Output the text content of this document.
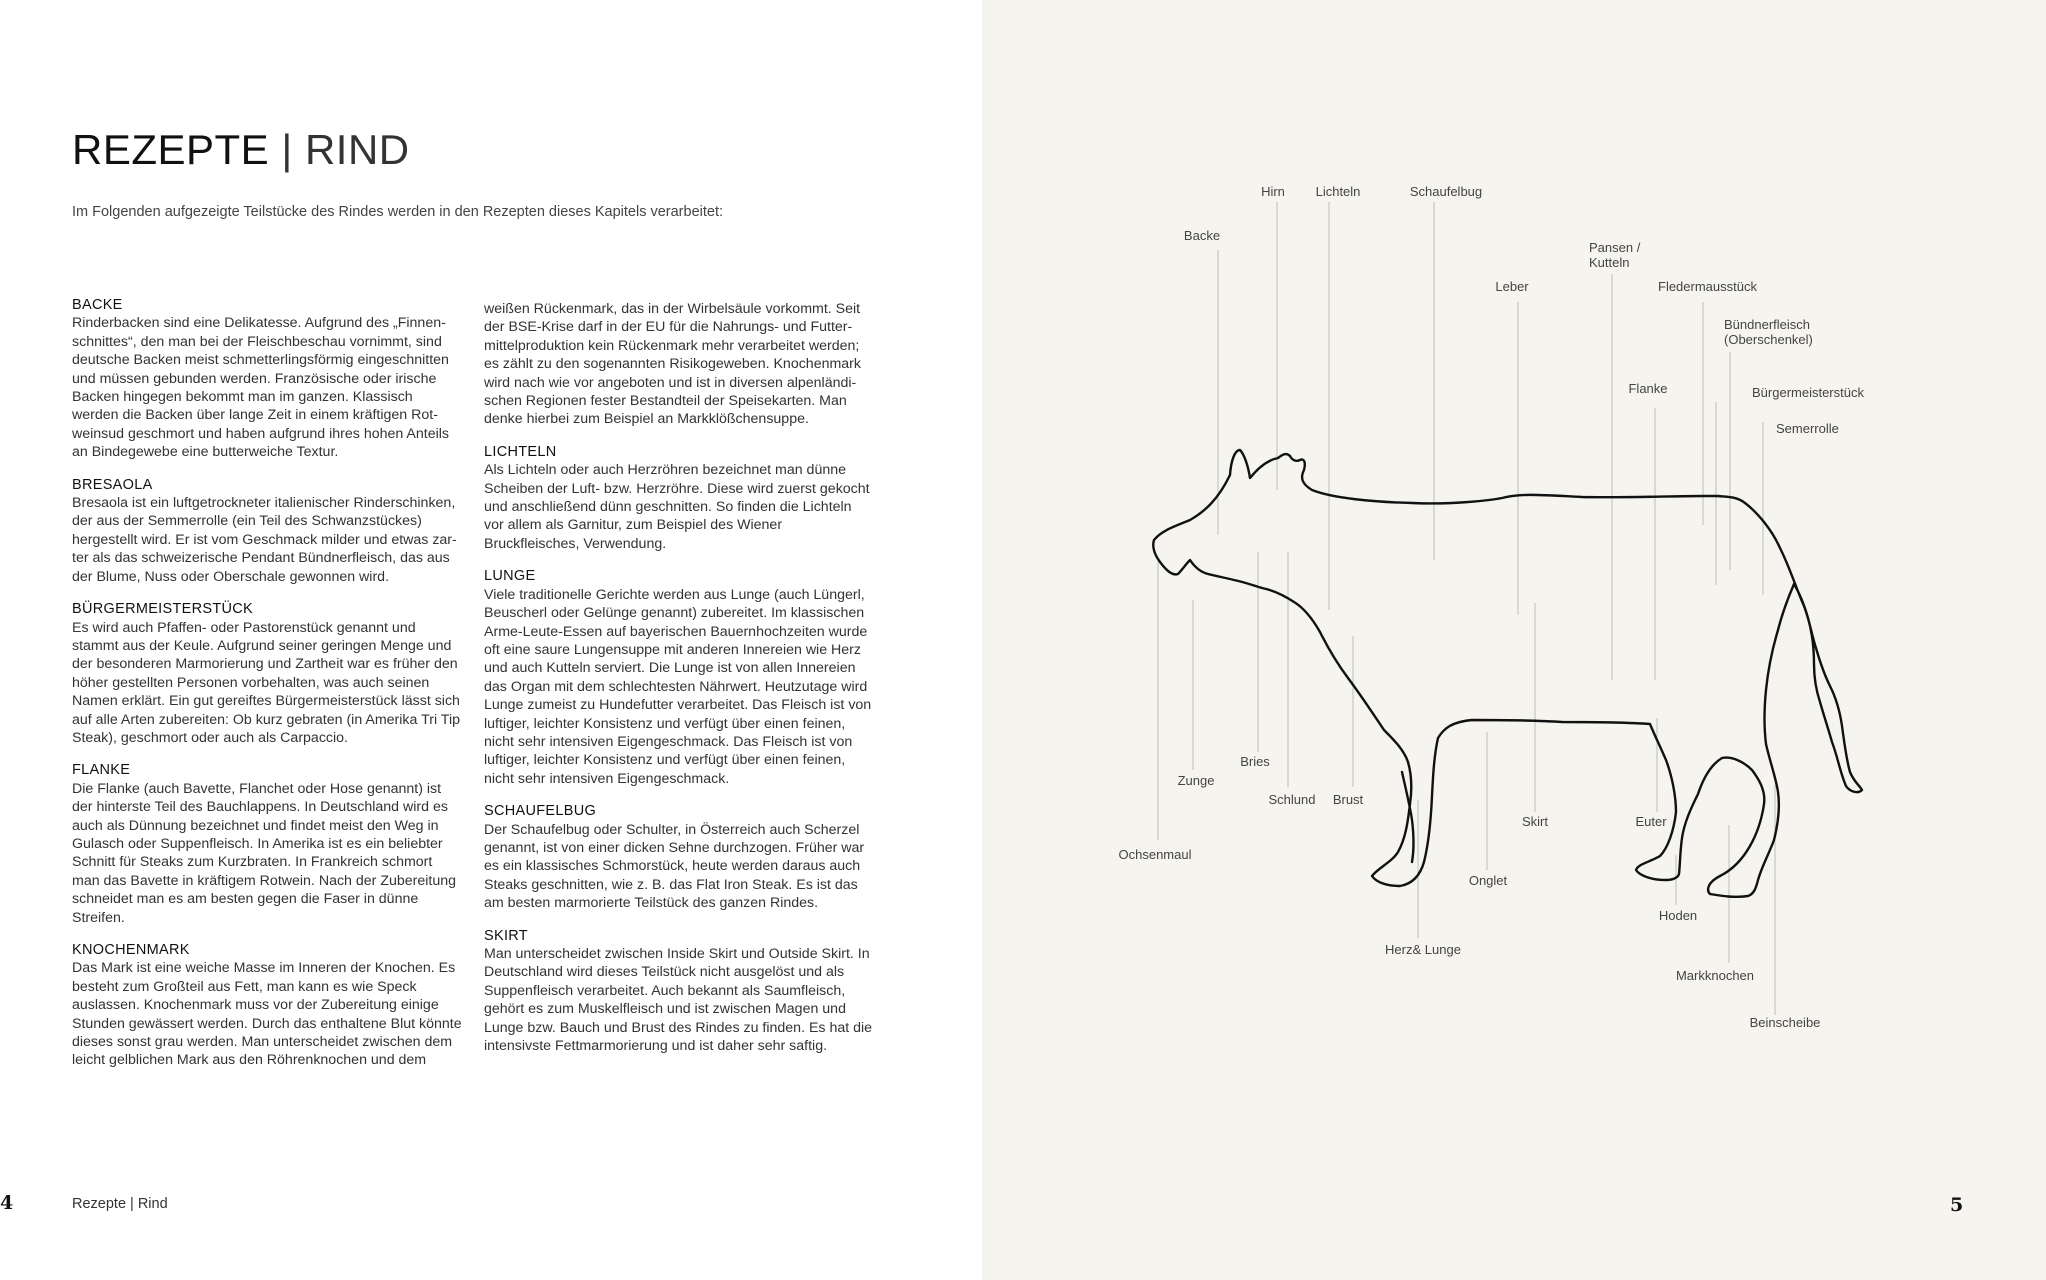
REZEPTE | RIND
Im Folgenden aufgezeigte Teilstücke des Rindes werden in den Rezepten dieses Kapitels verarbeitet:
BACKE

Rinderbacken sind eine Delikatesse. Aufgrund des „Finnenschnittes“, den man bei der Fleischbeschau vornimmt, sind deutsche Backen meist schmetterlingsförmig eingeschnitten und müssen gebunden werden. Französische oder irische Backen hingegen bekommt man im ganzen. Klassisch werden die Backen über lange Zeit in einem kräftigen Rotweinsud geschmort und haben aufgrund ihres hohen Anteils an Bindegewebe eine butterweiche Textur.

BRESAOLA

Bresaola ist ein luftgetrockneter italienischer Rinderschinken, der aus der Semmerrolle (ein Teil des Schwanzstückes) hergestellt wird. Er ist vom Geschmack milder und etwas zarter als das schweizerische Pendant Bündnerfleisch, das aus der Blume, Nuss oder Oberschale gewonnen wird.

BÜRGERMEISTERSTÜCK

Es wird auch Pfaffen- oder Pastorenstück genannt und stammt aus der Keule. Aufgrund seiner geringen Menge und der besonderen Marmorierung und Zartheit war es früher den höher gestellten Personen vorbehalten, was auch seinen Namen erklärt. Ein gut gereiftes Bürgermeisterstück lässt sich auf alle Arten zubereiten: Ob kurz gebraten (in Amerika Tri Tip Steak), geschmort oder auch als Carpaccio.

FLANKE

Die Flanke (auch Bavette, Flanchet oder Hose genannt) ist der hinterste Teil des Bauchlappens. In Deutschland wird es auch als Dünnung bezeichnet und findet meist den Weg in Gulasch oder Suppenfleisch. In Amerika ist es ein beliebter Schnitt für Steaks zum Kurzbraten. In Frankreich schmort man das Bavette in kräftigem Rotwein. Nach der Zubereitung schneidet man es am besten gegen die Faser in dünne Streifen.

KNOCHENMARK

Das Mark ist eine weiche Masse im Inneren der Knochen. Es besteht zum Großteil aus Fett, man kann es wie Speck auslassen. Knochenmark muss vor der Zubereitung einige Stunden gewässert werden. Durch das enthaltene Blut könnte dieses sonst grau werden. Man unterscheidet zwischen dem leicht gelblichen Mark aus den Röhrenknochen und dem

weißen Rückenmark, das in der Wirbelsäule vorkommt. Seit der BSE-Krise darf in der EU für die Nahrungs- und Futtermittelproduktion kein Rückenmark mehr verarbeitet werden; es zählt zu den sogenannten Risikogeweben. Knochenmark wird nach wie vor angeboten und ist in diversen alpenländischen Regionen fester Bestandteil der Speisekarten. Man denke hierbei zum Beispiel an Markklößchensuppe.

LICHTELN

Als Lichteln oder auch Herzröhren bezeichnet man dünne Scheiben der Luft- bzw. Herzröhre. Diese wird zuerst gekocht und anschließend dünn geschnitten. So finden die Lichteln vor allem als Garnitur, zum Beispiel des Wiener Bruckfleisches, Verwendung.

LUNGE

Viele traditionelle Gerichte werden aus Lunge (auch Lüngerl, Beuscherl oder Gelünge genannt) zubereitet. Im klassischen Arme-Leute-Essen auf bayerischen Bauernhochzeiten wurde oft eine saure Lungensuppe mit anderen Innereien wie Herz und auch Kutteln serviert. Die Lunge ist von allen Innereien das Organ mit dem schlechtesten Nährwert. Heutzutage wird Lunge zumeist zu Hundefutter verarbeitet. Das Fleisch ist von luftiger, leichter Konsistenz und verfügt über einen feinen, nicht sehr intensiven Eigengeschmack. Das Fleisch ist von luftiger, leichter Konsistenz und verfügt über einen feinen, nicht sehr intensiven Eigengeschmack.

SCHAUFELBUG

Der Schaufelbug oder Schulter, in Österreich auch Scherzel genannt, ist von einer dicken Sehne durchzogen. Früher war es ein klassisches Schmorstück, heute werden daraus auch Steaks geschnitten, wie z. B. das Flat Iron Steak. Es ist das am besten marmorierte Teilstück des ganzen Rindes.

SKIRT

Man unterscheidet zwischen Inside Skirt und Outside Skirt. In Deutschland wird dieses Teilstück nicht ausgelöst und als Suppenfleisch verarbeitet. Auch bekannt als Saumfleisch, gehört es zum Muskelfleisch und ist zwischen Magen und Lunge bzw. Bauch und Brust des Rindes zu finden. Es hat die intensivste Fettmarmorierung und ist daher sehr saftig.

4	Rezepte | Rind
Hirn Lichteln	Schaufelbug
Backe
Pansen /
Kutteln
Leber	Fledermausstück
Bündnerfleisch
(Oberschenkel)
Flanke	Bürgermeisterstück
Semerrolle
Bries
Zunge
Schlund Brust
Skirt	Euter
Ochsenmaul
Onglet
Hoden
Herz& Lunge
Markknochen
Beinscheibe
5
